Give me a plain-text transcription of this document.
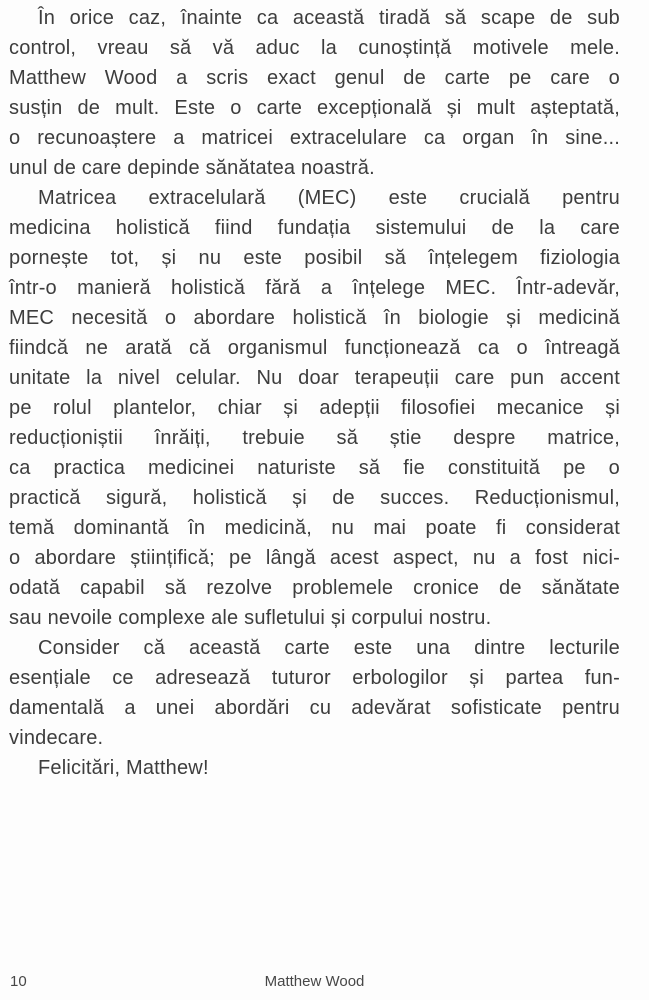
În orice caz, înainte ca această tiradă să scape de sub
control, vreau să vă aduc la cunoștință motivele mele.
Matthew Wood a scris exact genul de carte pe care o
susțin de mult. Este o carte excepțională și mult așteptată,
o recunoaștere a matricei extracelulare ca organ în sine...
unul de care depinde sănătatea noastră.
Matricea extracelulară (MEC) este crucială pentru
medicina holistică fiind fundația sistemului de la care
pornește tot, și nu este posibil să înțelegem fiziologia
într-o manieră holistică fără a înțelege MEC. Într-adevăr,
MEC necesită o abordare holistică în biologie și medicină
fiindcă ne arată că organismul funcționează ca o întreagă
unitate la nivel celular. Nu doar terapeuții care pun accent
pe rolul plantelor, chiar și adepții filosofiei mecanice și
reducționiștii înrăiți, trebuie să știe despre matrice,
ca practica medicinei naturiste să fie constituită pe o
practică sigură, holistică și de succes. Reducționismul,
temă dominantă în medicină, nu mai poate fi considerat
o abordare științifică; pe lângă acest aspect, nu a fost nici-
odată capabil să rezolve problemele cronice de sănătate
sau nevoile complexe ale sufletului și corpului nostru.
Consider că această carte este una dintre lecturile
esențiale ce adresează tuturor erbologilor și partea fun-
damentală a unei abordări cu adevărat sofisticate pentru
vindecare.
Felicitări, Matthew!
10	Matthew Wood
